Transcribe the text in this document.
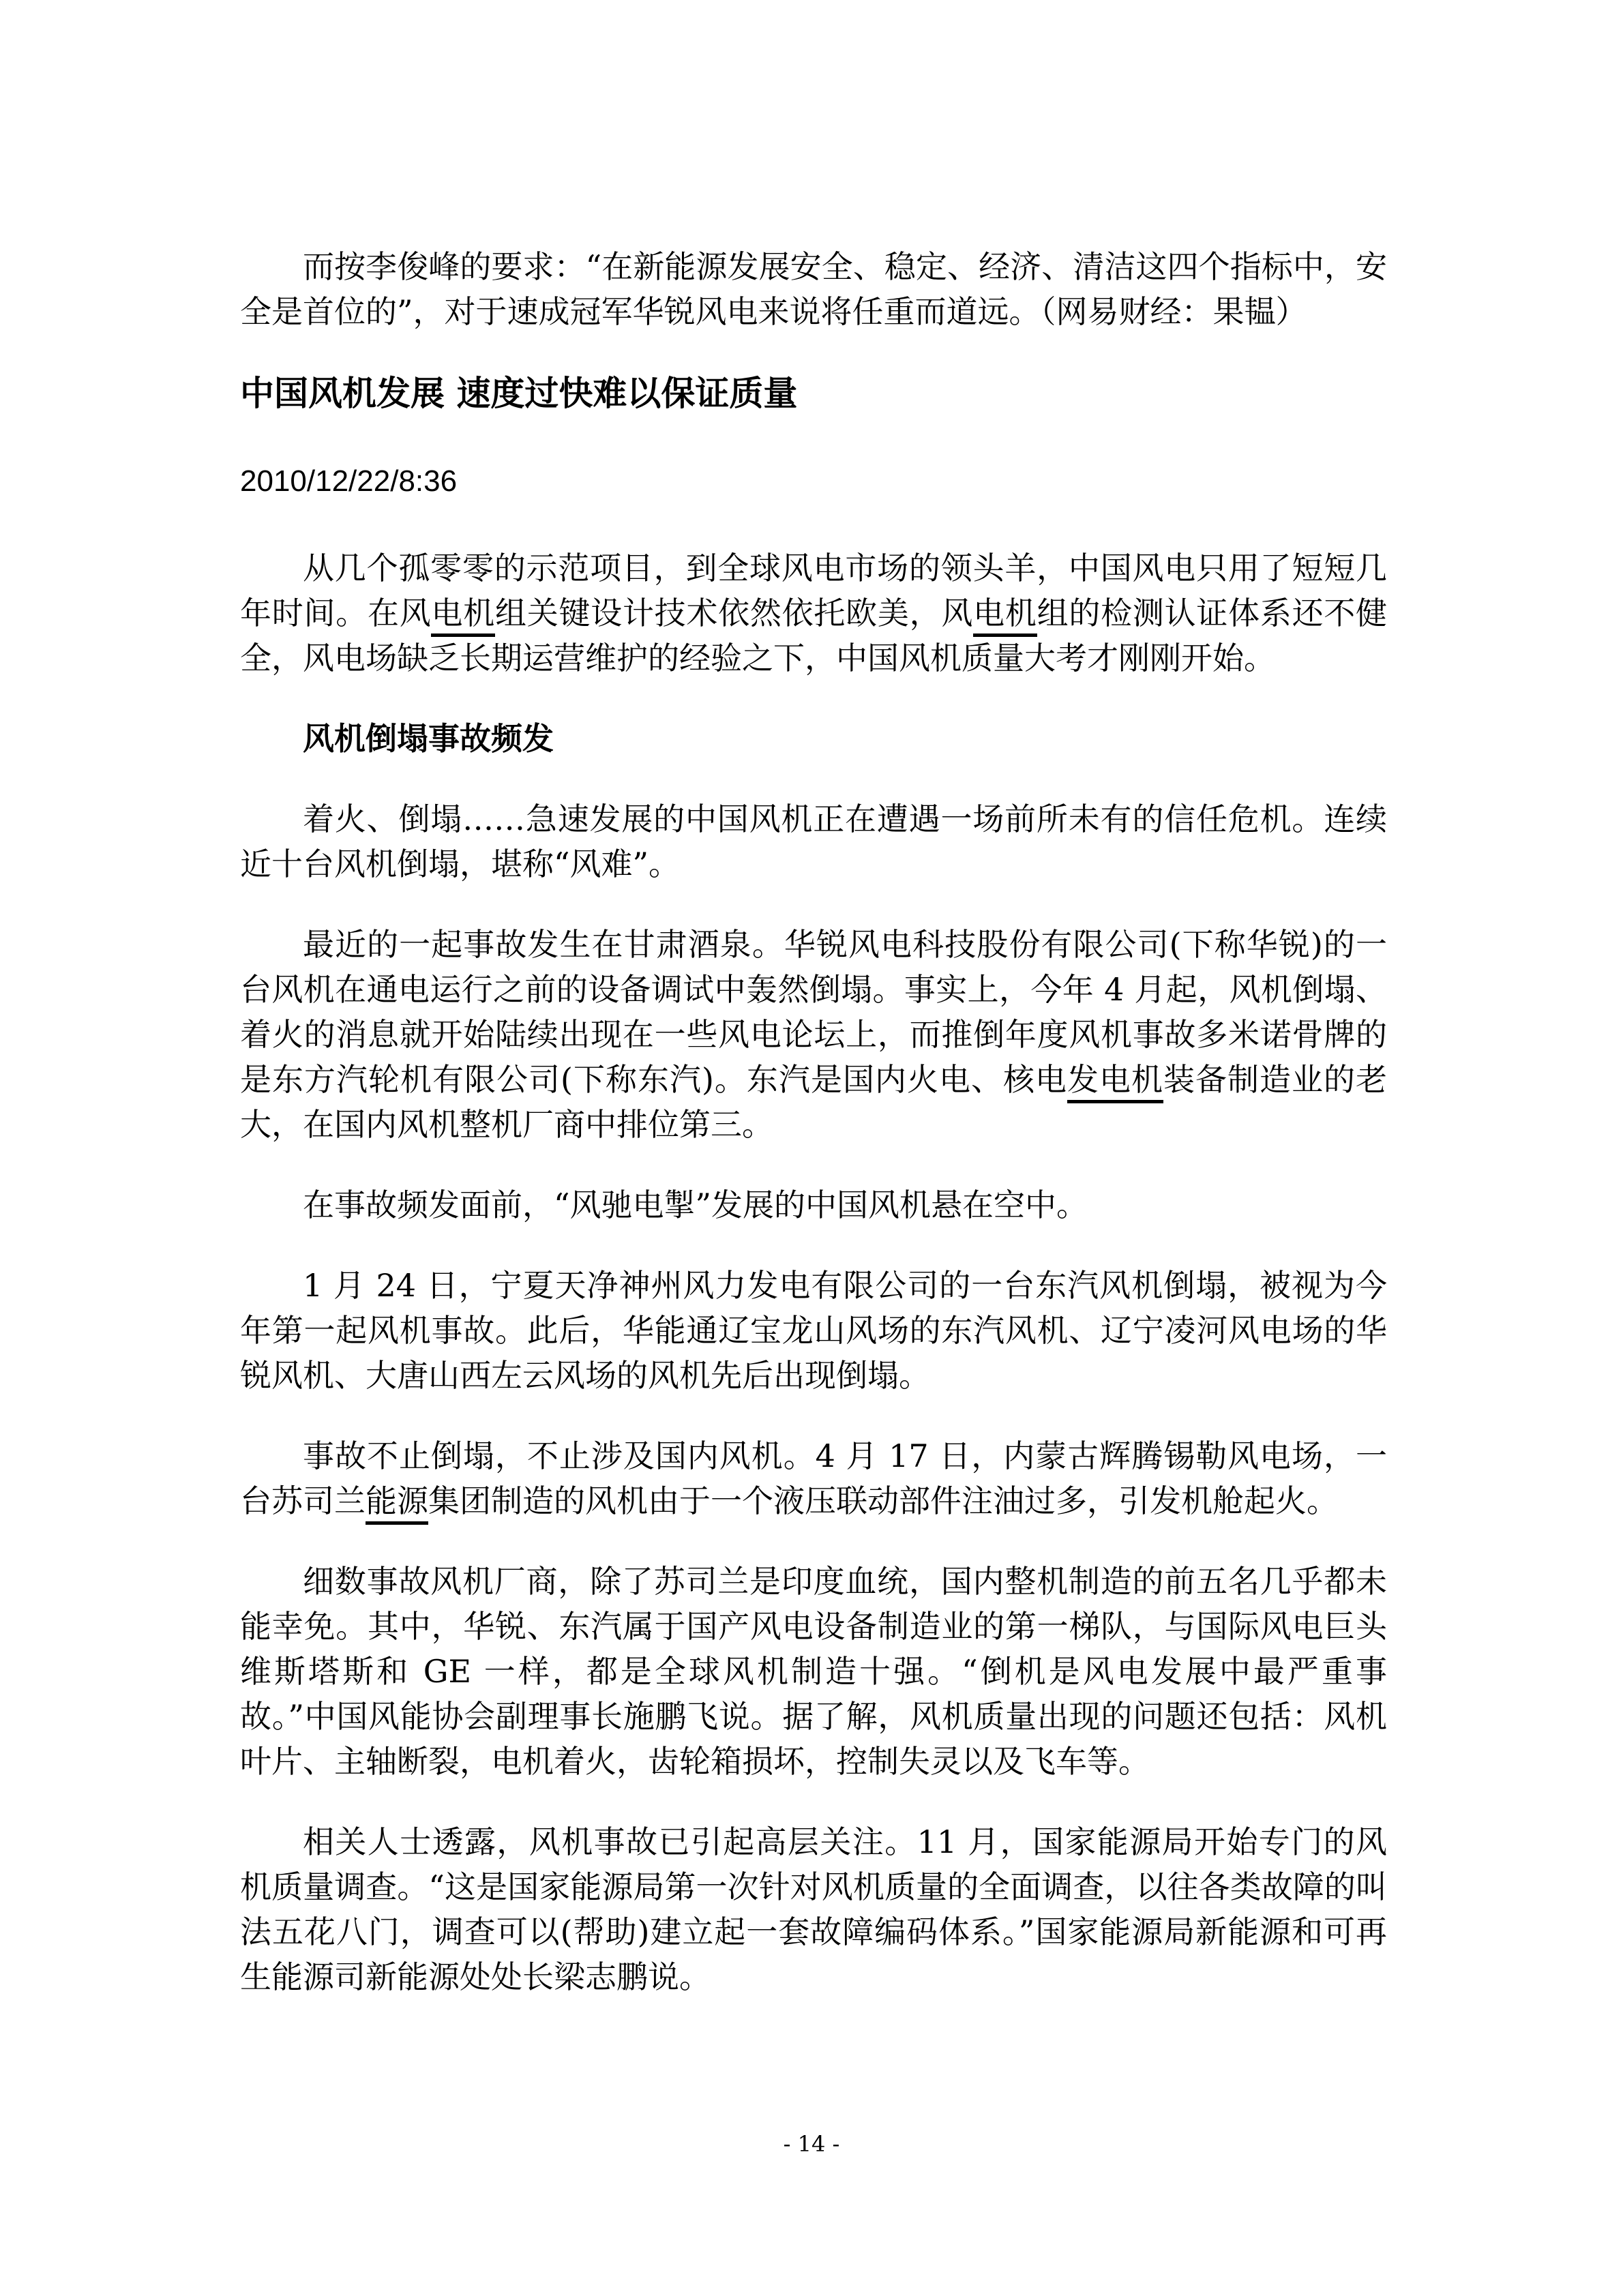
而按李俊峰的要求：“在新能源发展安全、稳定、经济、清洁这四个指标中，安全是首位的”，对于速成冠军华锐风电来说将任重而道远。（网易财经：果韫）

中国风机发展 速度过快难以保证质量

2010/12/22/8:36

从几个孤零零的示范项目，到全球风电市场的领头羊，中国风电只用了短短几年时间。在风电机组关键设计技术依然依托欧美，风电机组的检测认证体系还不健全，风电场缺乏长期运营维护的经验之下，中国风机质量大考才刚刚开始。

风机倒塌事故频发

着火、倒塌……急速发展的中国风机正在遭遇一场前所未有的信任危机。连续近十台风机倒塌，堪称“风难”。

最近的一起事故发生在甘肃酒泉。华锐风电科技股份有限公司(下称华锐)的一台风机在通电运行之前的设备调试中轰然倒塌。事实上，今年 4 月起，风机倒塌、着火的消息就开始陆续出现在一些风电论坛上，而推倒年度风机事故多米诺骨牌的是东方汽轮机有限公司(下称东汽)。东汽是国内火电、核电发电机装备制造业的老大，在国内风机整机厂商中排位第三。

在事故频发面前，“风驰电掣”发展的中国风机悬在空中。

1 月 24 日，宁夏天净神州风力发电有限公司的一台东汽风机倒塌，被视为今年第一起风机事故。此后，华能通辽宝龙山风场的东汽风机、辽宁凌河风电场的华锐风机、大唐山西左云风场的风机先后出现倒塌。

事故不止倒塌，不止涉及国内风机。4 月 17 日，内蒙古辉腾锡勒风电场，一台苏司兰能源集团制造的风机由于一个液压联动部件注油过多，引发机舱起火。

细数事故风机厂商，除了苏司兰是印度血统，国内整机制造的前五名几乎都未能幸免。其中，华锐、东汽属于国产风电设备制造业的第一梯队，与国际风电巨头维斯塔斯和 GE 一样，都是全球风机制造十强。“倒机是风电发展中最严重事故。”中国风能协会副理事长施鹏飞说。据了解，风机质量出现的问题还包括：风机叶片、主轴断裂，电机着火，齿轮箱损坏，控制失灵以及飞车等。

相关人士透露，风机事故已引起高层关注。11 月，国家能源局开始专门的风机质量调查。“这是国家能源局第一次针对风机质量的全面调查，以往各类故障的叫法五花八门，调查可以(帮助)建立起一套故障编码体系。”国家能源局新能源和可再生能源司新能源处处长梁志鹏说。

- 14 -
